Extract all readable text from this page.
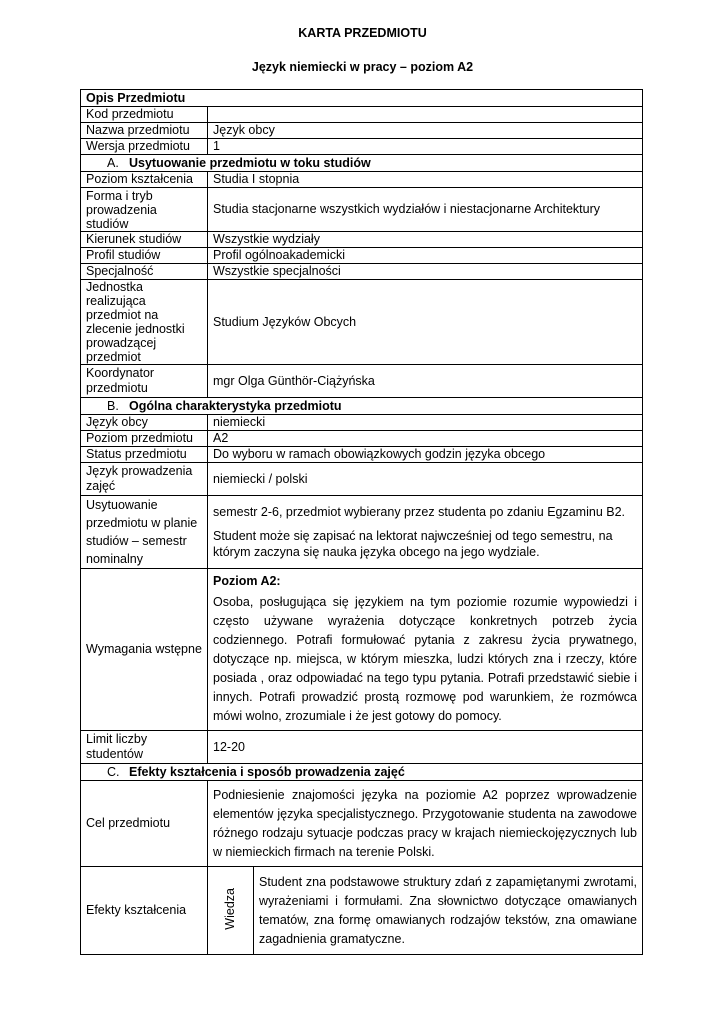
KARTA PRZEDMIOTU
Język niemiecki w pracy – poziom A2
Opis Przedmiotu		
Kod przedmiotu		
Nazwa przedmiotu	Język obcy	
Wersja przedmiotu	1	
A. Usytuowanie przedmiotu w toku studiów		
Poziom kształcenia	Studia I stopnia	
Forma i tryb prowadzenia studiów	Studia stacjonarne wszystkich wydziałów i niestacjonarne Architektury	
Kierunek studiów	Wszystkie wydziały	
Profil studiów	Profil ogólnoakademicki	
Specjalność	Wszystkie specjalności	
Jednostka realizująca przedmiot na zlecenie jednostki prowadzącej przedmiot	Studium Języków Obcych	
Koordynator przedmiotu	mgr Olga Günthör-Ciążyńska	
B. Ogólna charakterystyka przedmiotu		
Język obcy	niemiecki	
Poziom przedmiotu	A2	
Status przedmiotu	Do wyboru w ramach obowiązkowych godzin języka obcego	
Język prowadzenia zajęć	niemiecki / polski	
Usytuowanie przedmiotu w planie studiów – semestr nominalny	semestr 2-6, przedmiot wybierany przez studenta po zdaniu Egzaminu B2.

Student może się zapisać na lektorat najwcześniej od tego semestru, na którym zaczyna się nauka języka obcego na jego wydziale.	

Wymagania wstępne	Poziom A2:

Osoba, posługująca się językiem na tym poziomie rozumie wypowiedzi i często używane wyrażenia dotyczące konkretnych potrzeb życia codziennego. Potrafi formułować pytania z zakresu życia prywatnego, dotyczące np. miejsca, w którym mieszka, ludzi których zna i rzeczy, które posiada , oraz odpowiadać na tego typu pytania. Potrafi przedstawić siebie i innych. Potrafi prowadzić prostą rozmowę pod warunkiem, że rozmówca mówi wolno, zrozumiale i że jest gotowy do pomocy.	

Limit liczby studentów	12-20	
C. Efekty kształcenia i sposób prowadzenia zajęć		
Cel przedmiotu	Podniesienie znajomości języka na poziomie A2 poprzez wprowadzenie elementów języka specjalistycznego. Przygotowanie studenta na zawodowe różnego rodzaju sytuacje podczas pracy w krajach niemieckojęzycznych lub w niemieckich firmach na terenie Polski.	

Efekty kształcenia	Wiedza	Student zna podstawowe struktury zdań z zapamiętanymi zwrotami, wyrażeniami i formułami. Zna słownictwo dotyczące omawianych tematów, zna formę omawianych rodzajów tekstów, zna omawiane zagadnienia gramatyczne.
